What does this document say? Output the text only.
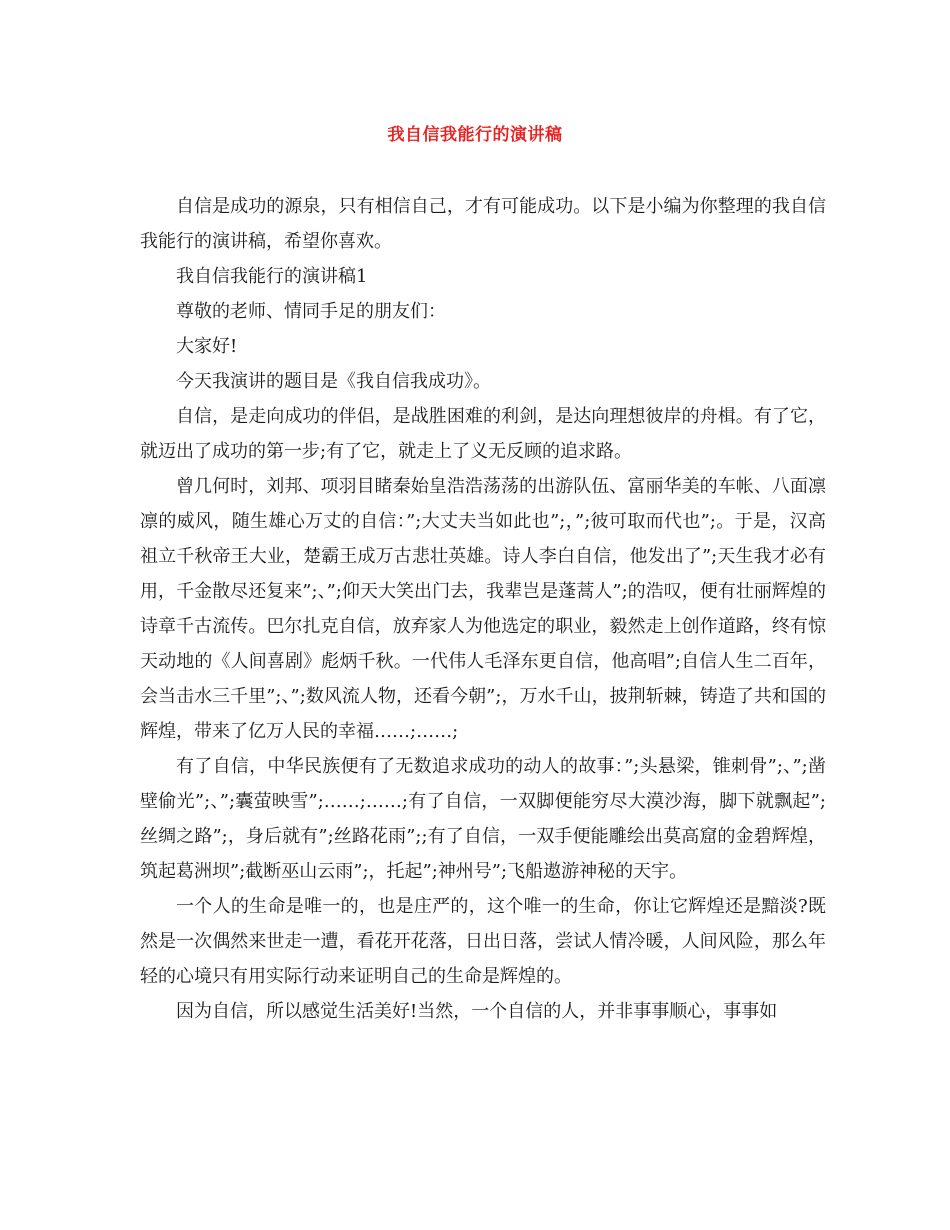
我自信我能行的演讲稿

自信是成功的源泉，只有相信自己，才有可能成功。以下是小编为你整理的我自信我能行的演讲稿，希望你喜欢。

我自信我能行的演讲稿1

尊敬的老师、情同手足的朋友们：

大家好!

今天我演讲的题目是《我自信我成功》。

自信，是走向成功的伴侣，是战胜困难的利剑，是达向理想彼岸的舟楫。有了它，就迈出了成功的第一步;有了它，就走上了义无反顾的追求路。

曾几何时，刘邦、项羽目睹秦始皇浩浩荡荡的出游队伍、富丽华美的车帐、八面凛凛的威风，随生雄心万丈的自信：”;大丈夫当如此也”;，”;彼可取而代也”;。于是，汉高祖立千秋帝王大业，楚霸王成万古悲壮英雄。诗人李白自信，他发出了”;天生我才必有用，千金散尽还复来”;、”;仰天大笑出门去，我辈岂是蓬蒿人”;的浩叹，便有壮丽辉煌的诗章千古流传。巴尔扎克自信，放弃家人为他选定的职业，毅然走上创作道路，终有惊天动地的《人间喜剧》彪炳千秋。一代伟人毛泽东更自信，他高唱”;自信人生二百年，会当击水三千里”;、”;数风流人物，还看今朝”;，万水千山，披荆斩棘，铸造了共和国的辉煌，带来了亿万人民的幸福……;……;

有了自信，中华民族便有了无数追求成功的动人的故事：”;头悬梁，锥刺骨”;、”;凿壁偷光”;、”;囊萤映雪”;……;……;有了自信，一双脚便能穷尽大漠沙海，脚下就飘起”;丝绸之路”;，身后就有”;丝路花雨”;;有了自信，一双手便能雕绘出莫高窟的金碧辉煌，筑起葛洲坝”;截断巫山云雨”;，托起”;神州号”;飞船遨游神秘的天宇。

一个人的生命是唯一的，也是庄严的，这个唯一的生命，你让它辉煌还是黯淡?既然是一次偶然来世走一遭，看花开花落，日出日落，尝试人情冷暖，人间风险，那么年轻的心境只有用实际行动来证明自己的生命是辉煌的。

因为自信，所以感觉生活美好!当然，一个自信的人，并非事事顺心，事事如
